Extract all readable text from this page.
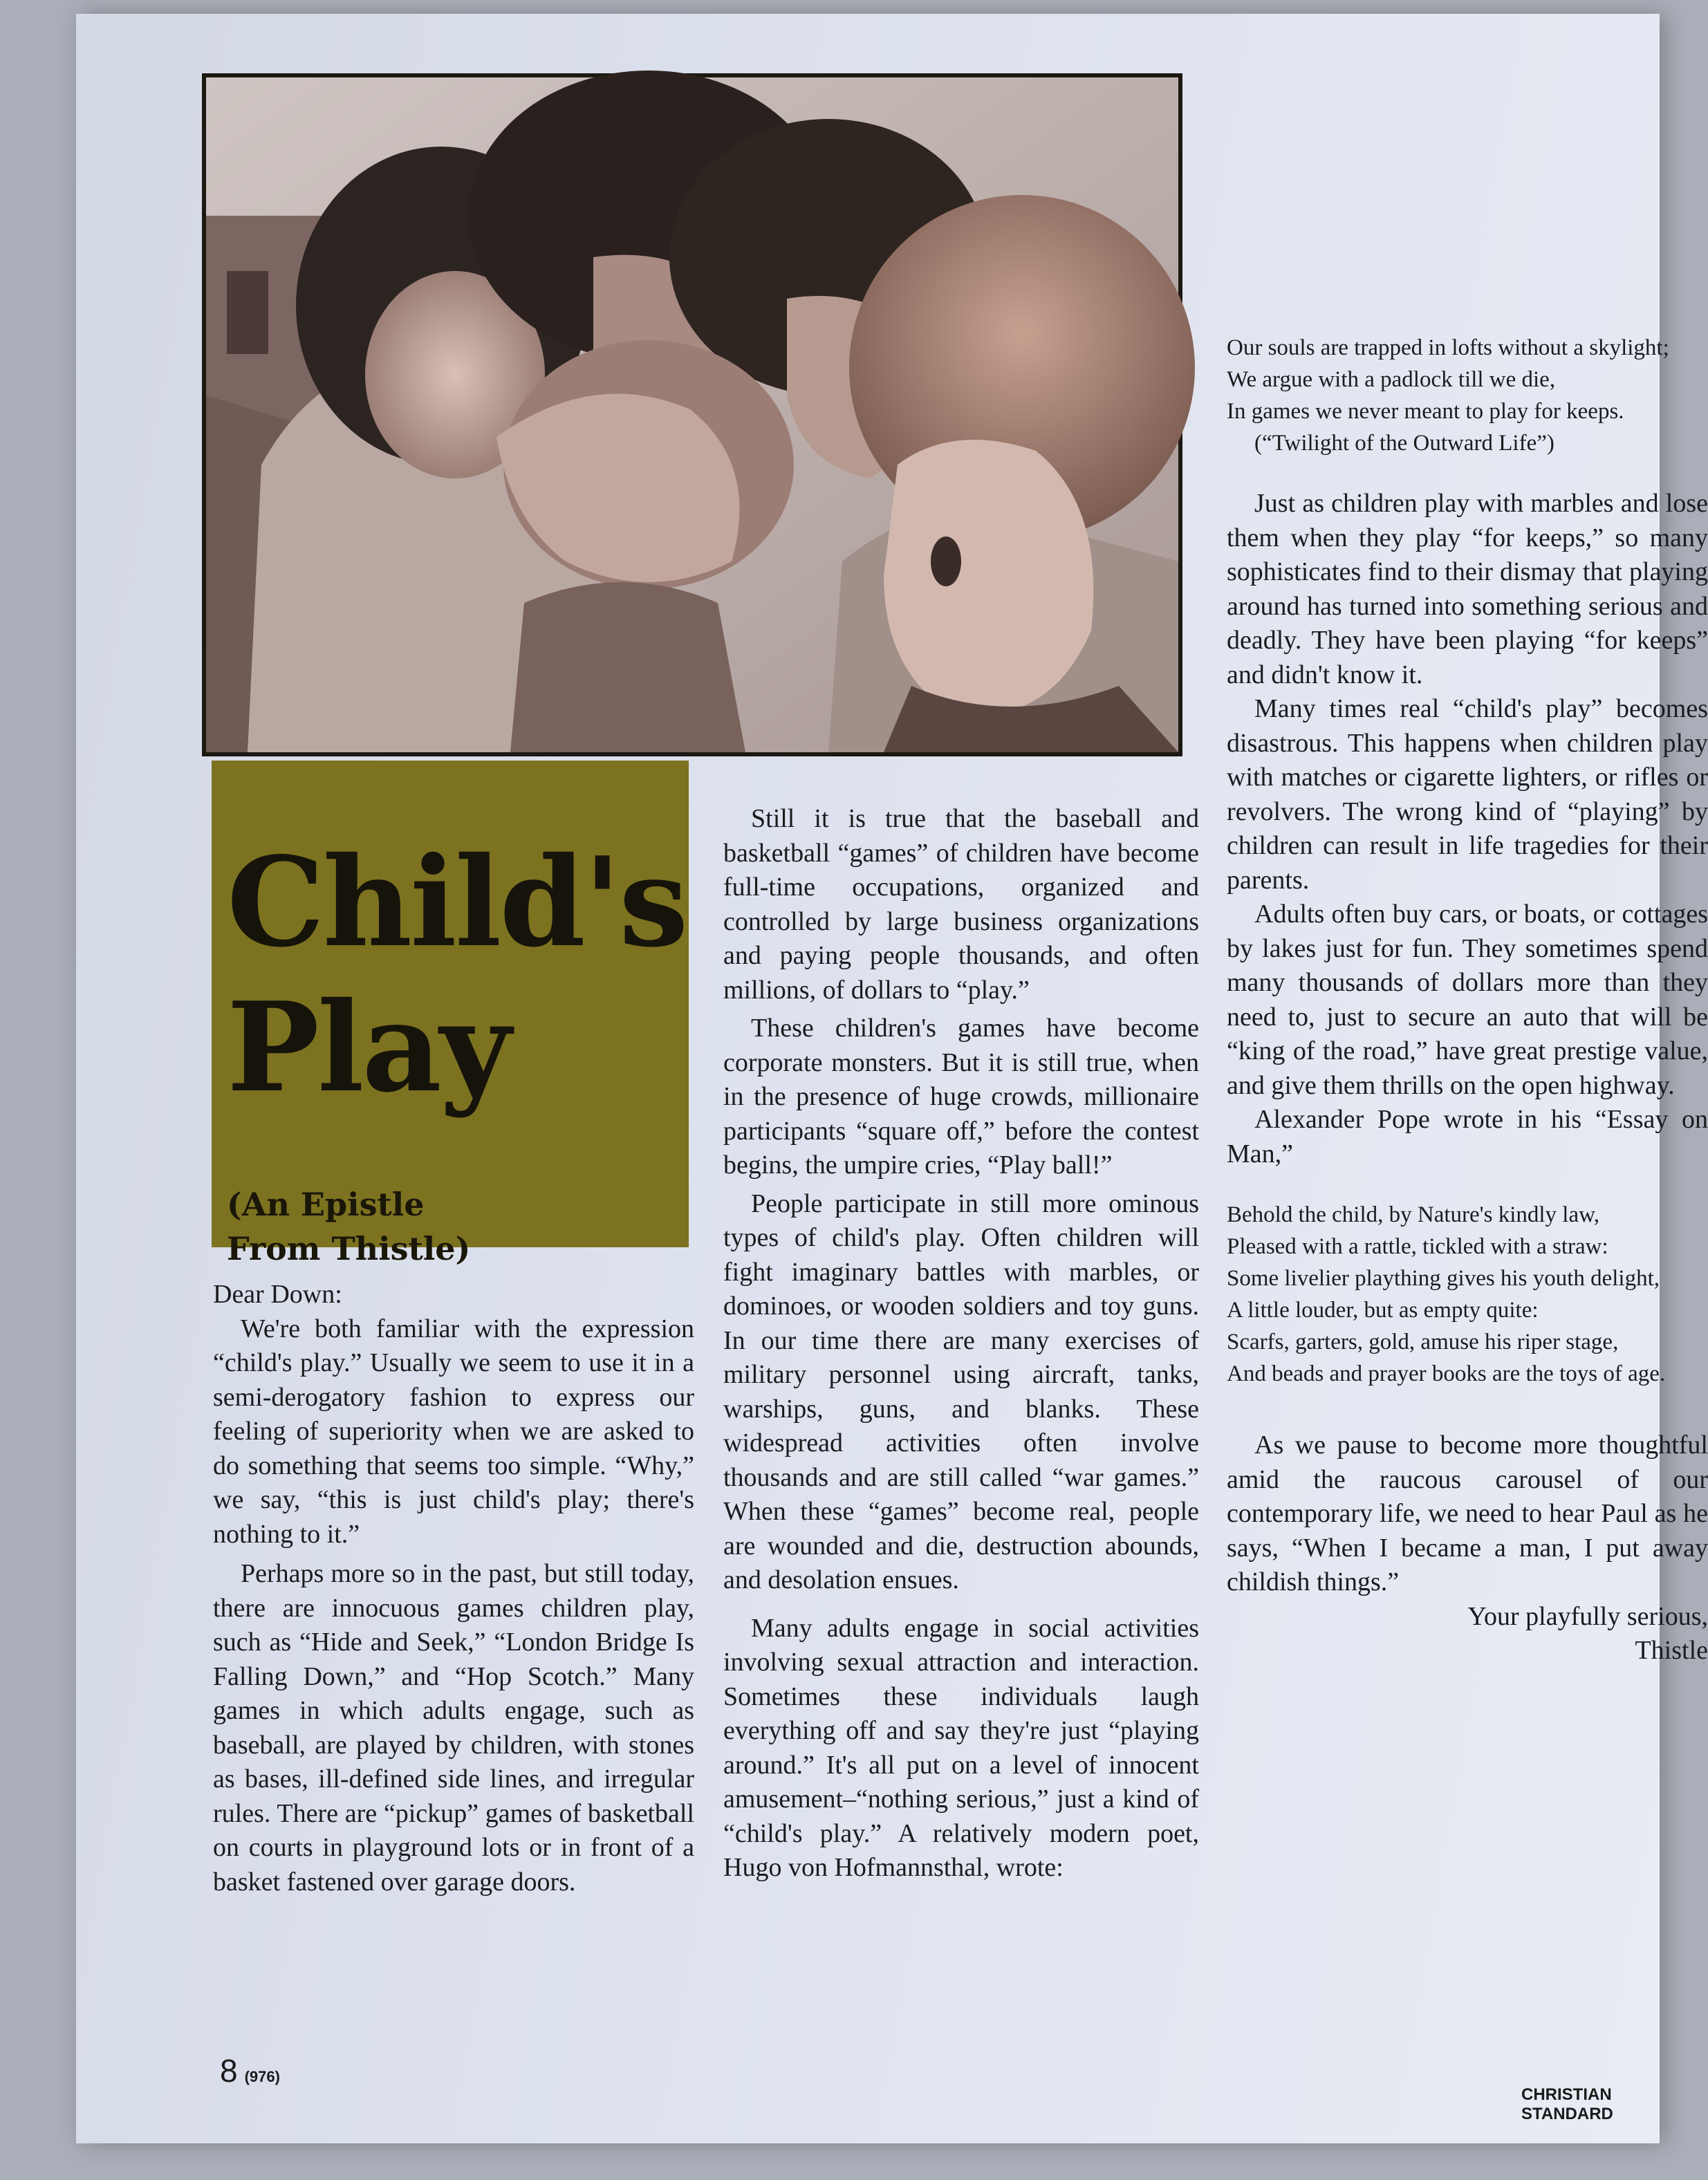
Child's
Play
(An Epistle
From Thistle)

Dear Down:

We're both familiar with the expression “child's play.” Usually we seem to use it in a semi-derogatory fashion to express our feeling of superiority when we are asked to do something that seems too simple. “Why,” we say, “this is just child's play; there's nothing to it.”

Perhaps more so in the past, but still today, there are innocuous games children play, such as “Hide and Seek,” “London Bridge Is Falling Down,” and “Hop Scotch.” Many games in which adults engage, such as baseball, are played by children, with stones as bases, ill-defined side lines, and irregular rules. There are “pickup” games of basketball on courts in playground lots or in front of a basket fastened over garage doors.

Still it is true that the baseball and basketball “games” of children have become full-time occupations, organized and controlled by large business organizations and paying people thousands, and often millions, of dollars to “play.”

These children's games have become corporate monsters. But it is still true, when in the presence of huge crowds, millionaire participants “square off,” before the contest begins, the umpire cries, “Play ball!”

People participate in still more ominous types of child's play. Often children will fight imaginary battles with marbles, or dominoes, or wooden soldiers and toy guns. In our time there are many exercises of military personnel using aircraft, tanks, warships, guns, and blanks. These widespread activities often involve thousands and are still called “war games.” When these “games” become real, people are wounded and die, destruction abounds, and desolation ensues.

Many adults engage in social activities involving sexual attraction and interaction. Sometimes these individuals laugh everything off and say they're just “playing around.” It's all put on a level of innocent amusement–“nothing serious,” just a kind of “child's play.” A relatively modern poet, Hugo von Hofmannsthal, wrote:

Our souls are trapped in lofts without a skylight;
We argue with a padlock till we die,
In games we never meant to play for keeps.
(“Twilight of the Outward Life”)

Just as children play with marbles and lose them when they play “for keeps,” so many sophisticates find to their dismay that playing around has turned into something serious and deadly. They have been playing “for keeps” and didn't know it.

Many times real “child's play” becomes disastrous. This happens when children play with matches or cigarette lighters, or rifles or revolvers. The wrong kind of “playing” by children can result in life tragedies for their parents.

Adults often buy cars, or boats, or cottages by lakes just for fun. They sometimes spend many thousands of dollars more than they need to, just to secure an auto that will be “king of the road,” have great prestige value, and give them thrills on the open highway.

Alexander Pope wrote in his “Essay on Man,”

Behold the child, by Nature's kindly law,
Pleased with a rattle, tickled with a straw:
Some livelier plaything gives his youth delight,
A little louder, but as empty quite:
Scarfs, garters, gold, amuse his riper stage,
And beads and prayer books are the toys of age.

As we pause to become more thoughtful amid the raucous carousel of our contemporary life, we need to hear Paul as he says, “When I became a man, I put away childish things.”

Your playfully serious,

Thistle

8 (976)
CHRISTIAN STANDARD
